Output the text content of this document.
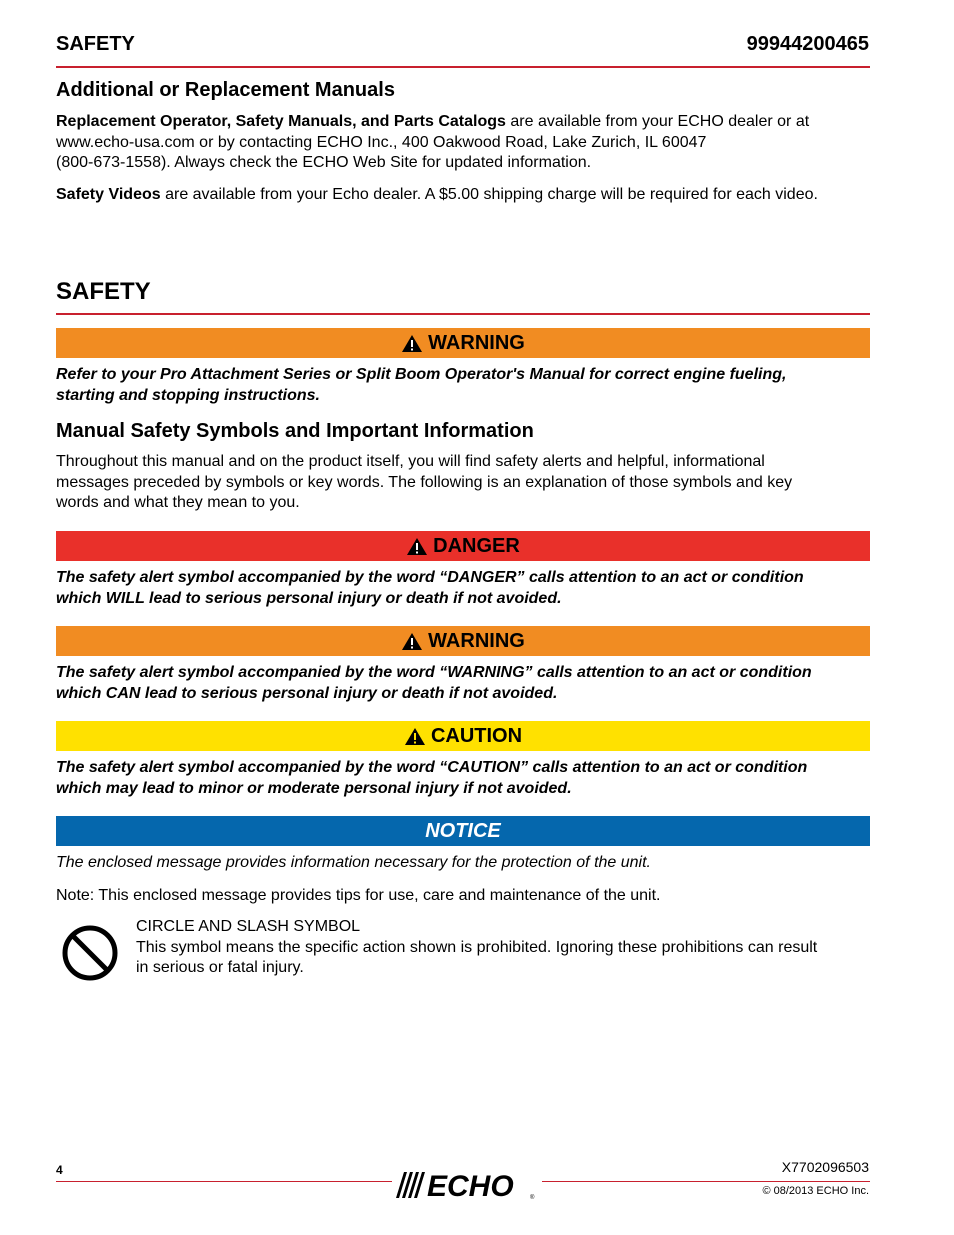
SAFETY	99944200465
Additional or Replacement Manuals

Replacement Operator, Safety Manuals, and Parts Catalogs are available from your ECHO dealer or at

www.echo-usa.com or by contacting ECHO Inc., 400 Oakwood Road, Lake Zurich, IL 60047

(800-673-1558). Always check the ECHO Web Site for updated information.

Safety Videos are available from your Echo dealer. A $5.00 shipping charge will be required for each video.

SAFETY
WARNING

Refer to your Pro Attachment Series or Split Boom Operator's Manual for correct engine fueling,

starting and stopping instructions.

Manual Safety Symbols and Important Information

Throughout this manual and on the product itself, you will find safety alerts and helpful, informational

messages preceded by symbols or key words. The following is an explanation of those symbols and key

words and what they mean to you.

DANGER

The safety alert symbol accompanied by the word “DANGER” calls attention to an act or condition

which WILL lead to serious personal injury or death if not avoided.

WARNING

The safety alert symbol accompanied by the word “WARNING” calls attention to an act or condition

which CAN lead to serious personal injury or death if not avoided.

CAUTION

The safety alert symbol accompanied by the word “CAUTION” calls attention to an act or condition

which may lead to minor or moderate personal injury if not avoided.

NOTICE
The enclosed message provides information necessary for the protection of the unit.
Note: This enclosed message provides tips for use, care and maintenance of the unit.

CIRCLE AND SLASH SYMBOL

This symbol means the specific action shown is prohibited. Ignoring these prohibitions can result

in serious or fatal injury.

4	X7702096503
© 08/2013 ECHO Inc.
ECHO	®
